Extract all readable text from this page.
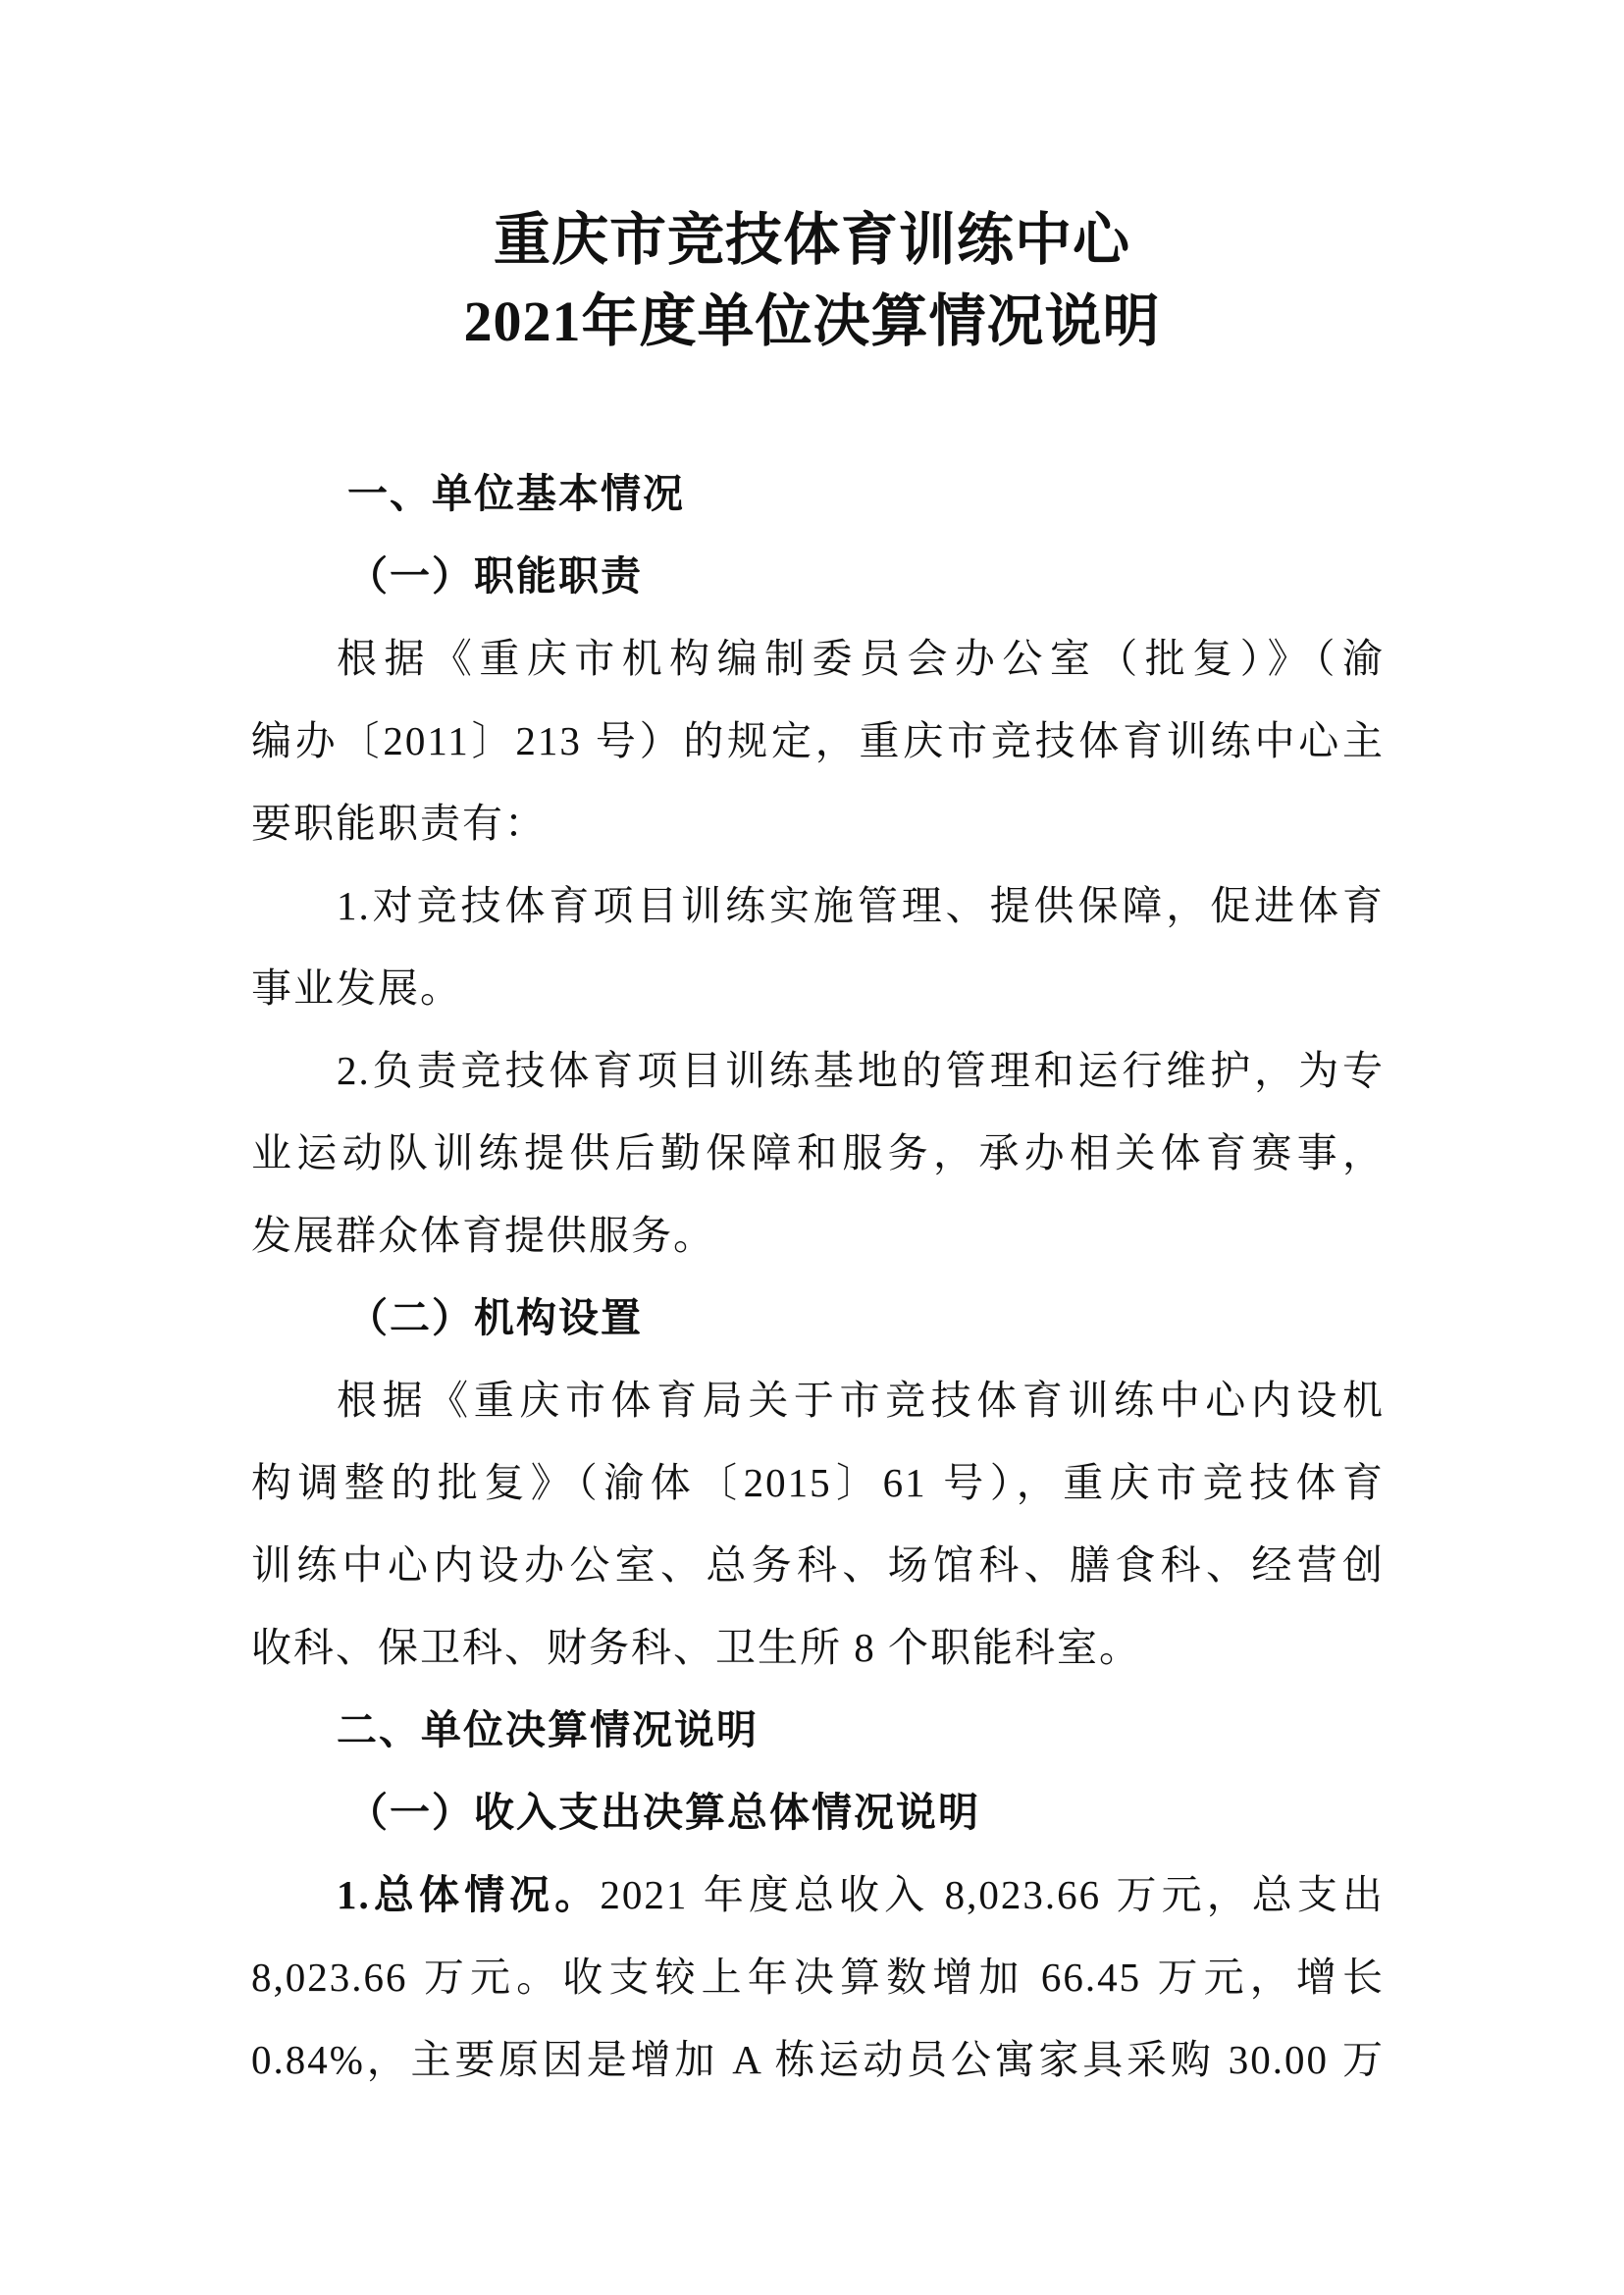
重庆市竞技体育训练中心
2021年度单位决算情况说明
一、单位基本情况
（一）职能职责
根据《重庆市机构编制委员会办公室（批复）》（渝
编办〔2011〕213 号）的规定，重庆市竞技体育训练中心主
要职能职责有：
1.对竞技体育项目训练实施管理、提供保障，促进体育
事业发展。
2.负责竞技体育项目训练基地的管理和运行维护，为专
业运动队训练提供后勤保障和服务，承办相关体育赛事，
发展群众体育提供服务。
（二）机构设置
根据《重庆市体育局关于市竞技体育训练中心内设机
构调整的批复》（渝体〔2015〕61 号），重庆市竞技体育
训练中心内设办公室、总务科、场馆科、膳食科、经营创
收科、保卫科、财务科、卫生所 8 个职能科室。
二、单位决算情况说明
（一）收入支出决算总体情况说明
1.总体情况。2021 年度总收入 8,023.66 万元，总支出
8,023.66 万元。收支较上年决算数增加 66.45 万元，增长
0.84%，主要原因是增加 A 栋运动员公寓家具采购 30.00 万
